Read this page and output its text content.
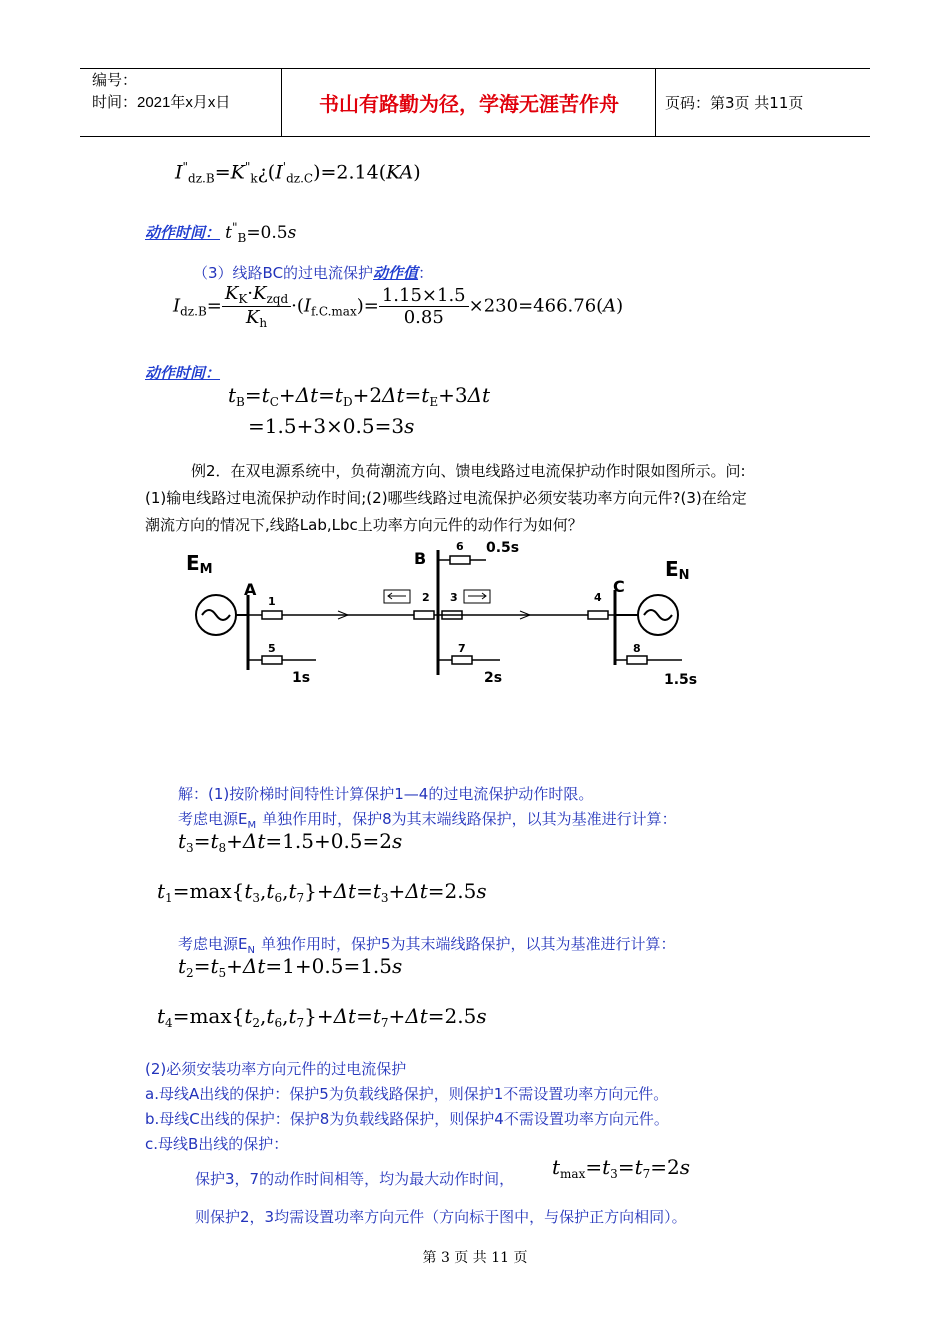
编号：
时间：2021年x月x日	书山有路勤为径，学海无涯苦作舟	页码：第3页 共11页
$I^"_{dz.B}=K^"_k¿(I'_{dz.C})=2.14(KA)$
动作时间： $t^"_B=0.5s$
（3）线路BC的过电流保护动作值：
$I_{dz.B}= \frac{K_K\cdot K_{zqd}}{K_h} \cdot(I_{f.C.max})= \frac{1.15\times 1.5}{0.85} \times 230=466.76(A)$
动作时间：
$t_B=t_C+\Delta t=t_D+2\Delta t=t_E+3\Delta t$
=1.5+3×0.5=3s
例2．在双电源系统中，负荷潮流方向、馈电线路过电流保护动作时限如图所示。问:
(1)输电线路过电流保护动作时间;(2)哪些线路过电流保护必须安装功率方向元件?(3)在给定
潮流方向的情况下,线路Lab,Lbc上功率方向元件的动作行为如何？
EM
A
1
5
1s
B
2 3
6 0.5s
7
2s
4
C
8
1.5s
EN
解：(1)按阶梯时间特性计算保护1—4的过电流保护动作时限。
考虑电源$E_M$ 单独作用时，保护8为其末端线路保护，以其为基准进行计算：
$t_3=t_8+\Delta t=1.5+0.5=2s$
$t_1=\max\{t_3,t_6,t_7\}+\Delta t=t_3+\Delta t=2.5s$
考虑电源$E_N$ 单独作用时，保护5为其末端线路保护，以其为基准进行计算：
$t_2=t_5+\Delta t=1+0.5=1.5s$
$t_4=\max\{t_2,t_6,t_7\}+\Delta t=t_7+\Delta t=2.5s$
(2)必须安装功率方向元件的过电流保护
a.母线A出线的保护：保护5为负载线路保护，则保护1不需设置功率方向元件。
b.母线C出线的保护：保护8为负载线路保护，则保护4不需设置功率方向元件。
c.母线B出线的保护：
保护3，7的动作时间相等，均为最大动作时间， $t_{max}=t_3=t_7=2s$
则保护2，3均需设置功率方向元件（方向标于图中，与保护正方向相同）。
第 3 页 共 11 页
